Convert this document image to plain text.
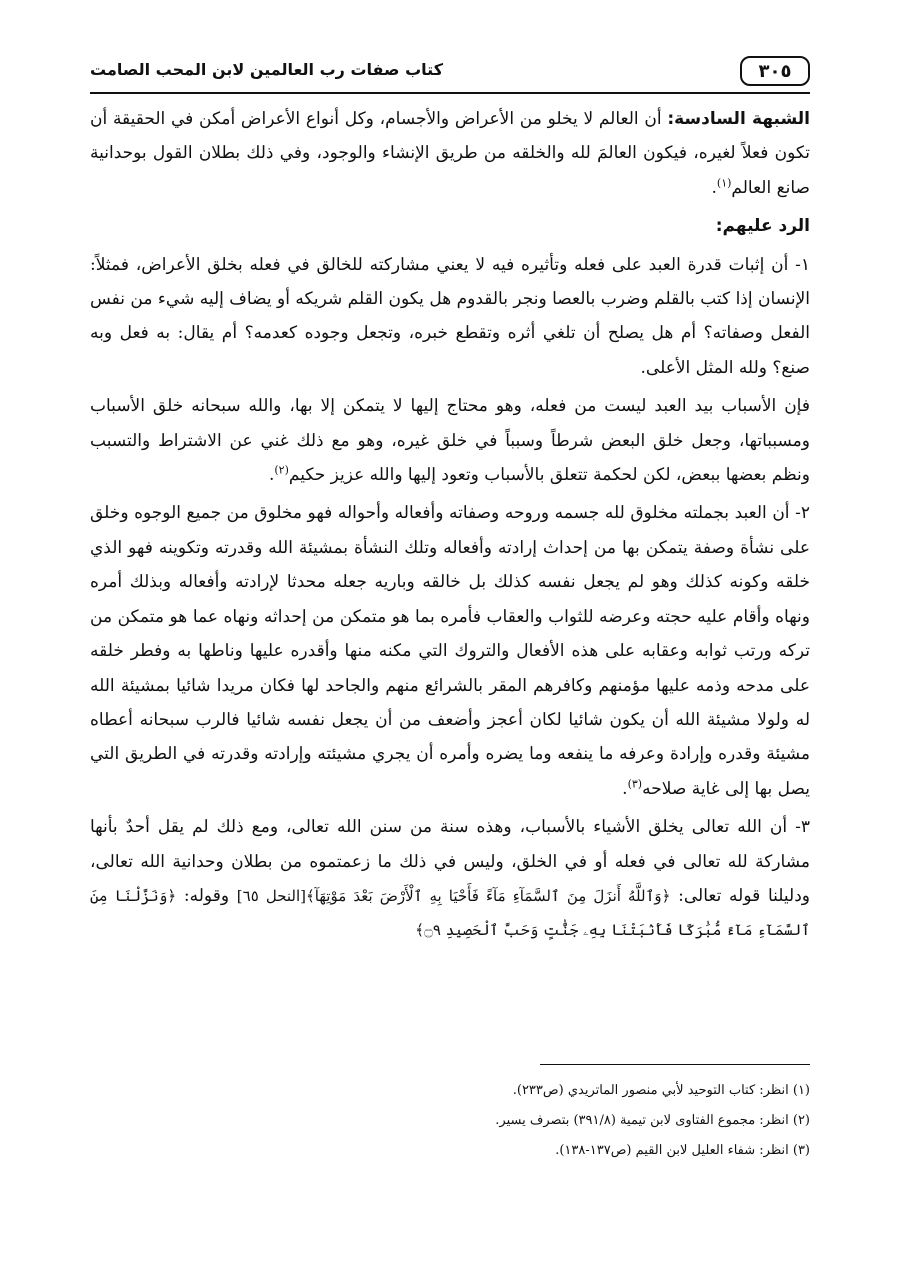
٣٠٥
كتاب صفات رب العالمين لابن المحب الصامت

الشبهة السادسة: أن العالم لا يخلو من الأعراض والأجسام، وكل أنواع الأعراض أمكن في الحقيقة أن تكون فعلاً لغيره، فيكون العالمَ لله والخلقه من طريق الإنشاء والوجود، وفي ذلك بطلان القول بوحدانية صانع العالم$^{(١)}$.

الرد عليهم:

١- أن إثبات قدرة العبد على فعله وتأثيره فيه لا يعني مشاركته للخالق في فعله بخلق الأعراض، فمثلاً: الإنسان إذا كتب بالقلم وضرب بالعصا ونجر بالقدوم هل يكون القلم شريكه أو يضاف إليه شيء من نفس الفعل وصفاته؟ أم هل يصلح أن تلغي أثره وتقطع خبره، وتجعل وجوده كعدمه؟ أم يقال: به فعل وبه صنع؟ ولله المثل الأعلى.

فإن الأسباب بيد العبد ليست من فعله، وهو محتاج إليها لا يتمكن إلا بها، والله سبحانه خلق الأسباب ومسبباتها، وجعل خلق البعض شرطاً وسبباً في خلق غيره، وهو مع ذلك غني عن الاشتراط والتسبب ونظم بعضها ببعض، لكن لحكمة تتعلق بالأسباب وتعود إليها والله عزيز حكيم$^{(٢)}$.

٢- أن العبد بجملته مخلوق لله جسمه وروحه وصفاته وأفعاله وأحواله فهو مخلوق من جميع الوجوه وخلق على نشأة وصفة يتمكن بها من إحداث إرادته وأفعاله وتلك النشأة بمشيئة الله وقدرته وتكوينه فهو الذي خلقه وكونه كذلك وهو لم يجعل نفسه كذلك بل خالقه وباريه جعله محدثا لإرادته وأفعاله وبذلك أمره ونهاه وأقام عليه حجته وعرضه للثواب والعقاب فأمره بما هو متمكن من إحداثه ونهاه عما هو متمكن من تركه ورتب ثوابه وعقابه على هذه الأفعال والتروك التي مكنه منها وأقدره عليها وناطها به وفطر خلقه على مدحه وذمه عليها مؤمنهم وكافرهم المقر بالشرائع منهم والجاحد لها فكان مريدا شائيا بمشيئة الله له ولولا مشيئة الله أن يكون شائيا لكان أعجز وأضعف من أن يجعل نفسه شائيا فالرب سبحانه أعطاه مشيئة وقدره وإرادة وعرفه ما ينفعه وما يضره وأمره أن يجري مشيئته وإرادته وقدرته في الطريق التي يصل بها إلى غاية صلاحه$^{(٣)}$.

٣- أن الله تعالى يخلق الأشياء بالأسباب، وهذه سنة من سنن الله تعالى، ومع ذلك لم يقل أحدٌ بأنها مشاركة لله تعالى في فعله أو في الخلق، وليس في ذلك ما زعمتموه من بطلان وحدانية الله تعالى، ودليلنا قوله تعالى: ﴿وَٱللَّهُ أَنزَلَ مِنَ ٱلسَّمَآءِ مَآءً فَأَحْيَا بِهِ ٱلْأَرْضَ بَعْدَ مَوْتِهَآ﴾[النحل ٦٥] وقوله: ﴿وَنَزَّلْنَا مِنَ ٱلسَّمَآءِ مَآءً مُّبَٰرَكًا فَأَنۢبَتْنَا بِهِۦ جَنَّٰتٍ وَحَبَّ ٱلْحَصِيدِ ۝٩﴾

(١) انظر: كتاب التوحيد لأبي منصور الماتريدي (ص٢٣٣).
(٢) انظر: مجموع الفتاوى لابن تيمية (٣٩١/٨) بتصرف يسير.
(٣) انظر: شفاء العليل لابن القيم (ص١٣٧-١٣٨).
